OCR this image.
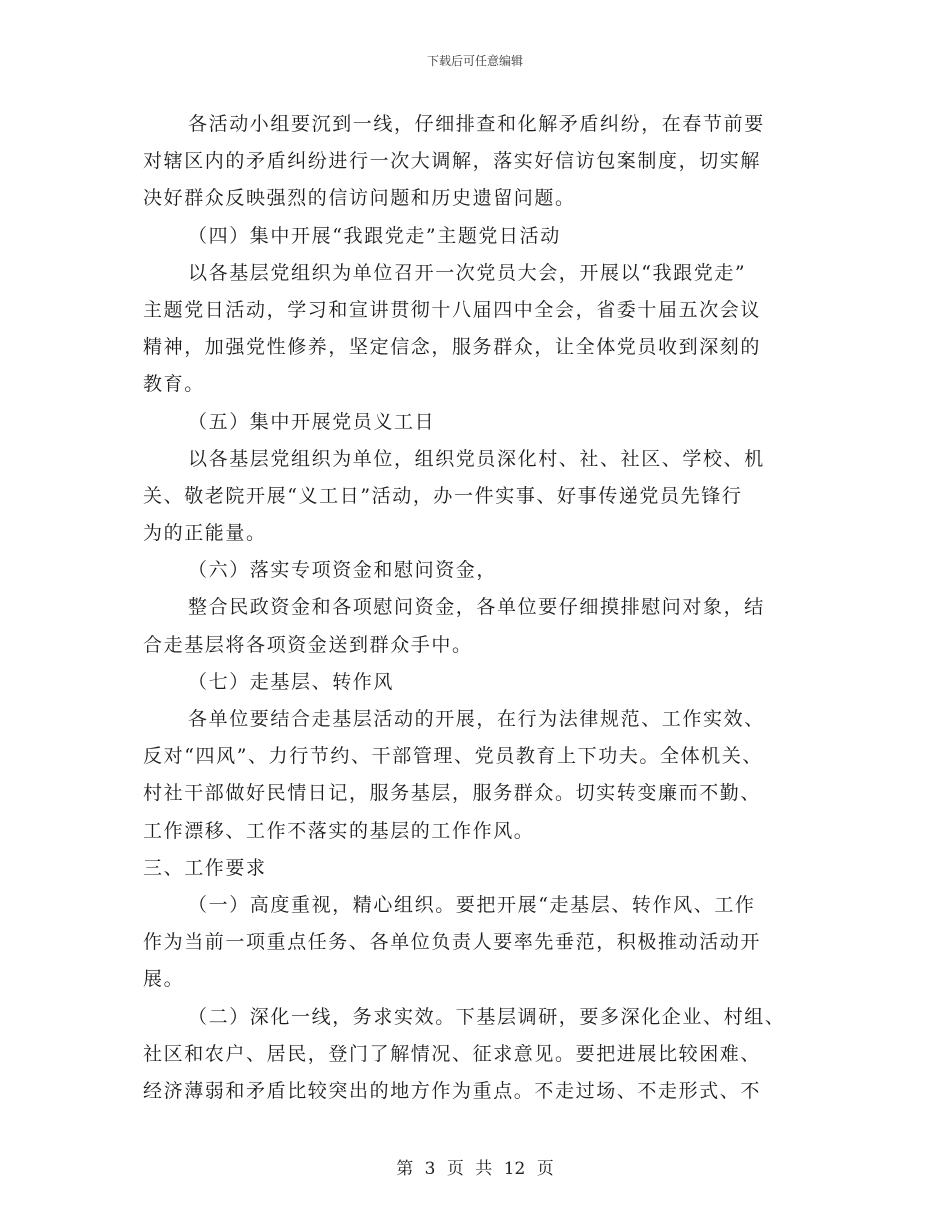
下载后可任意编辑
各活动小组要沉到一线，仔细排查和化解矛盾纠纷，在春节前要
对辖区内的矛盾纠纷进行一次大调解，落实好信访包案制度，切实解
决好群众反映强烈的信访问题和历史遗留问题。
（四）集中开展“我跟党走”主题党日活动
以各基层党组织为单位召开一次党员大会，开展以“我跟党走”
主题党日活动，学习和宣讲贯彻十八届四中全会，省委十届五次会议
精神，加强党性修养，坚定信念，服务群众，让全体党员收到深刻的
教育。
（五）集中开展党员义工日
以各基层党组织为单位，组织党员深化村、社、社区、学校、机
关、敬老院开展“义工日”活动，办一件实事、好事传递党员先锋行
为的正能量。
（六）落实专项资金和慰问资金，
整合民政资金和各项慰问资金，各单位要仔细摸排慰问对象，结
合走基层将各项资金送到群众手中。
（七）走基层、转作风
各单位要结合走基层活动的开展，在行为法律规范、工作实效、
反对“四风”、力行节约、干部管理、党员教育上下功夫。全体机关、
村社干部做好民情日记，服务基层，服务群众。切实转变廉而不勤、
工作漂移、工作不落实的基层的工作作风。
三、工作要求
（一）高度重视，精心组织。要把开展“走基层、转作风、工作
作为当前一项重点任务、各单位负责人要率先垂范，积极推动活动开
展。
（二）深化一线，务求实效。下基层调研，要多深化企业、村组、
社区和农户、居民，登门了解情况、征求意见。要把进展比较困难、
经济薄弱和矛盾比较突出的地方作为重点。不走过场、不走形式、不
第 3 页 共 12 页
